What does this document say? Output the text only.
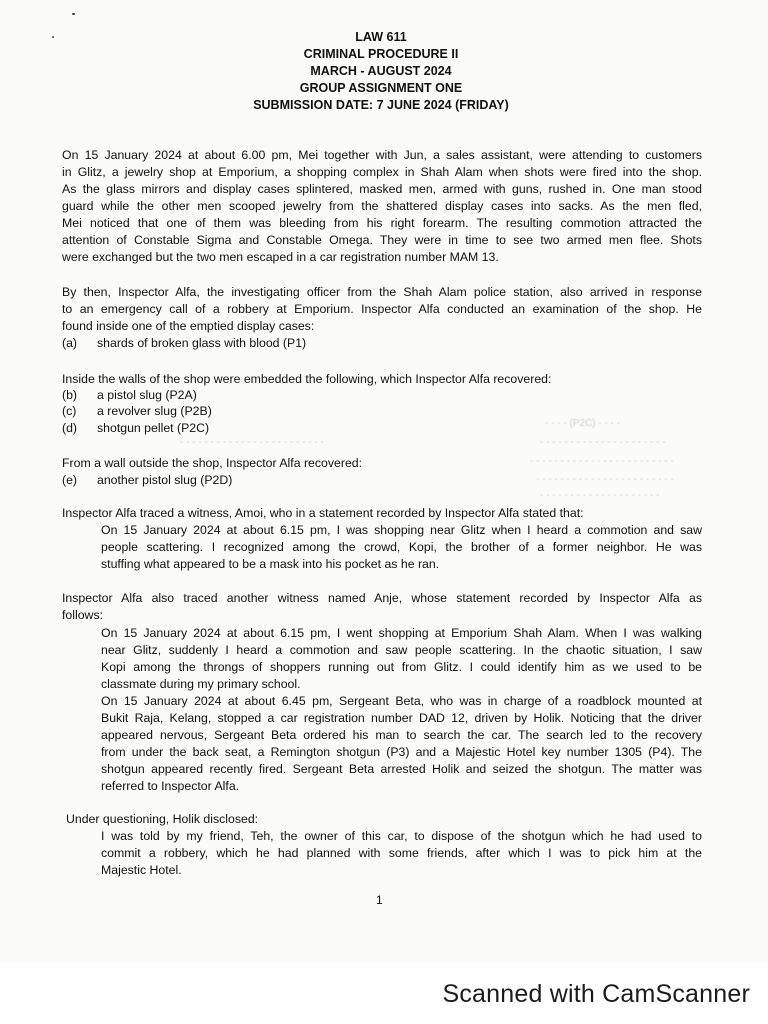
LAW 611
CRIMINAL PROCEDURE II
MARCH - AUGUST 2024
GROUP ASSIGNMENT ONE
SUBMISSION DATE: 7 JUNE 2024 (FRIDAY)

On 15 January 2024 at about 6.00 pm, Mei together with Jun, a sales assistant, were attending to customers
in Glitz, a jewelry shop at Emporium, a shopping complex in Shah Alam when shots were fired into the shop.
As the glass mirrors and display cases splintered, masked men, armed with guns, rushed in. One man stood
guard while the other men scooped jewelry from the shattered display cases into sacks. As the men fled,
Mei noticed that one of them was bleeding from his right forearm. The resulting commotion attracted the
attention of Constable Sigma and Constable Omega. They were in time to see two armed men flee. Shots
were exchanged but the two men escaped in a car registration number MAM 13.

By then, Inspector Alfa, the investigating officer from the Shah Alam police station, also arrived in response
to an emergency call of a robbery at Emporium. Inspector Alfa conducted an examination of the shop. He
found inside one of the emptied display cases:

(a) shards of broken glass with blood (P1)

Inside the walls of the shop were embedded the following, which Inspector Alfa recovered:

(b) a pistol slug (P2A)
(c) a revolver slug (P2B)
(d) shotgun pellet (P2C)	- - - - (P2C) - - - -
- - - - - - - - - - - - - - - - - - - - - - - -	- - - - - - - - - - - - - - - - - - - - -
- - - - - - - - - - - - - - - - - - - - - - - -
- - - - - - - - - - - - - - - - - - - - - - -
- - - - - - - - - - - - - - - - - - - -

From a wall outside the shop, Inspector Alfa recovered:

(e) another pistol slug (P2D)

Inspector Alfa traced a witness, Amoi, who in a statement recorded by Inspector Alfa stated that:

On 15 January 2024 at about 6.15 pm, I was shopping near Glitz when I heard a commotion and saw
people scattering. I recognized among the crowd, Kopi, the brother of a former neighbor. He was
stuffing what appeared to be a mask into his pocket as he ran.

Inspector Alfa also traced another witness named Anje, whose statement recorded by Inspector Alfa as
follows:

On 15 January 2024 at about 6.15 pm, I went shopping at Emporium Shah Alam. When I was walking
near Glitz, suddenly I heard a commotion and saw people scattering. In the chaotic situation, I saw
Kopi among the throngs of shoppers running out from Glitz. I could identify him as we used to be
classmate during my primary school.

On 15 January 2024 at about 6.45 pm, Sergeant Beta, who was in charge of a roadblock mounted at
Bukit Raja, Kelang, stopped a car registration number DAD 12, driven by Holik. Noticing that the driver
appeared nervous, Sergeant Beta ordered his man to search the car. The search led to the recovery
from under the back seat, a Remington shotgun (P3) and a Majestic Hotel key number 1305 (P4). The
shotgun appeared recently fired. Sergeant Beta arrested Holik and seized the shotgun. The matter was
referred to Inspector Alfa.

Under questioning, Holik disclosed:

I was told by my friend, Teh, the owner of this car, to dispose of the shotgun which he had used to
commit a robbery, which he had planned with some friends, after which I was to pick him at the
Majestic Hotel.

1
Scanned with CamScanner
